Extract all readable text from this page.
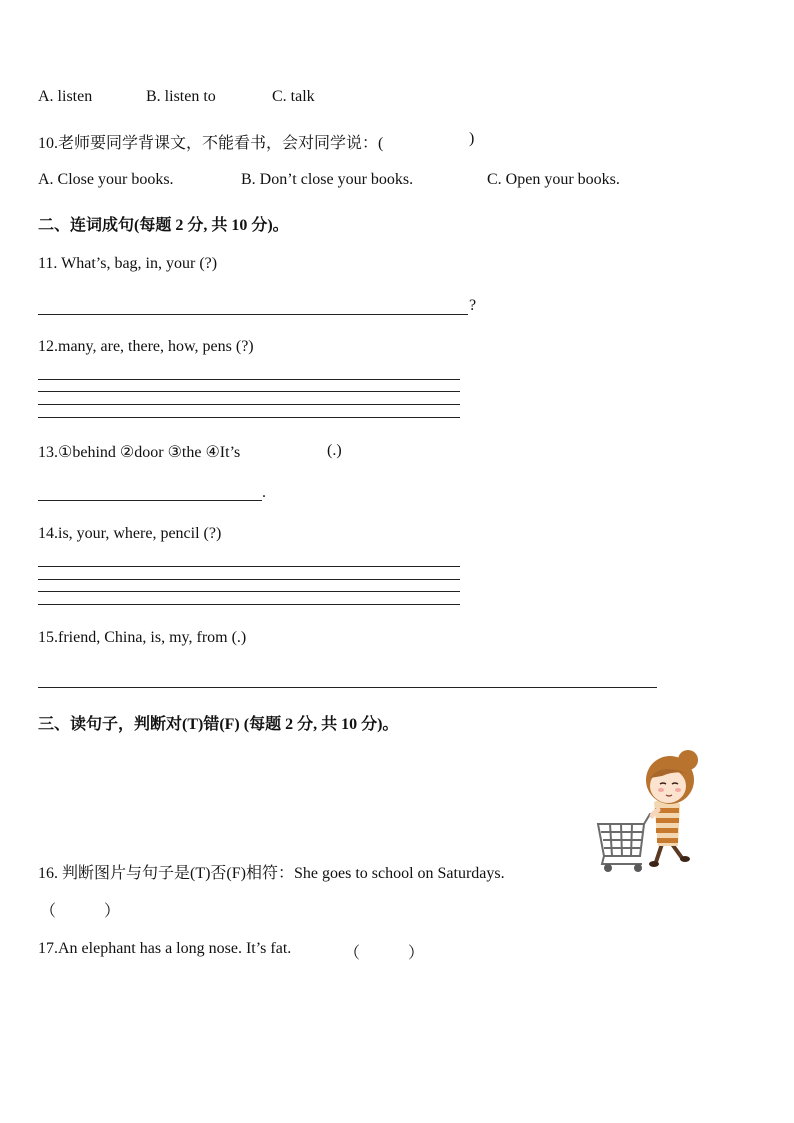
A. listen	B. listen to	C. talk
10.老师要同学背课文，不能看书，会对同学说：(	)
A. Close your books.	B. Don’t close your books.	C. Open your books.
二、连词成句(每题 2 分, 共 10 分)。
11. What’s, bag, in, your (?)
?
12.many, are, there, how, pens (?)
13.①behind ②door ③the ④It’s	(.)
.
14.is, your, where, pencil (?)
15.friend, China, is, my, from (.)
三、读句子，判断对(T)错(F) (每题 2 分, 共 10 分)。
16. 判断图片与句子是(T)否(F)相符：She goes to school on Saturdays.
（　　　）
17.An elephant has a long nose. It’s fat.	（　　　）
